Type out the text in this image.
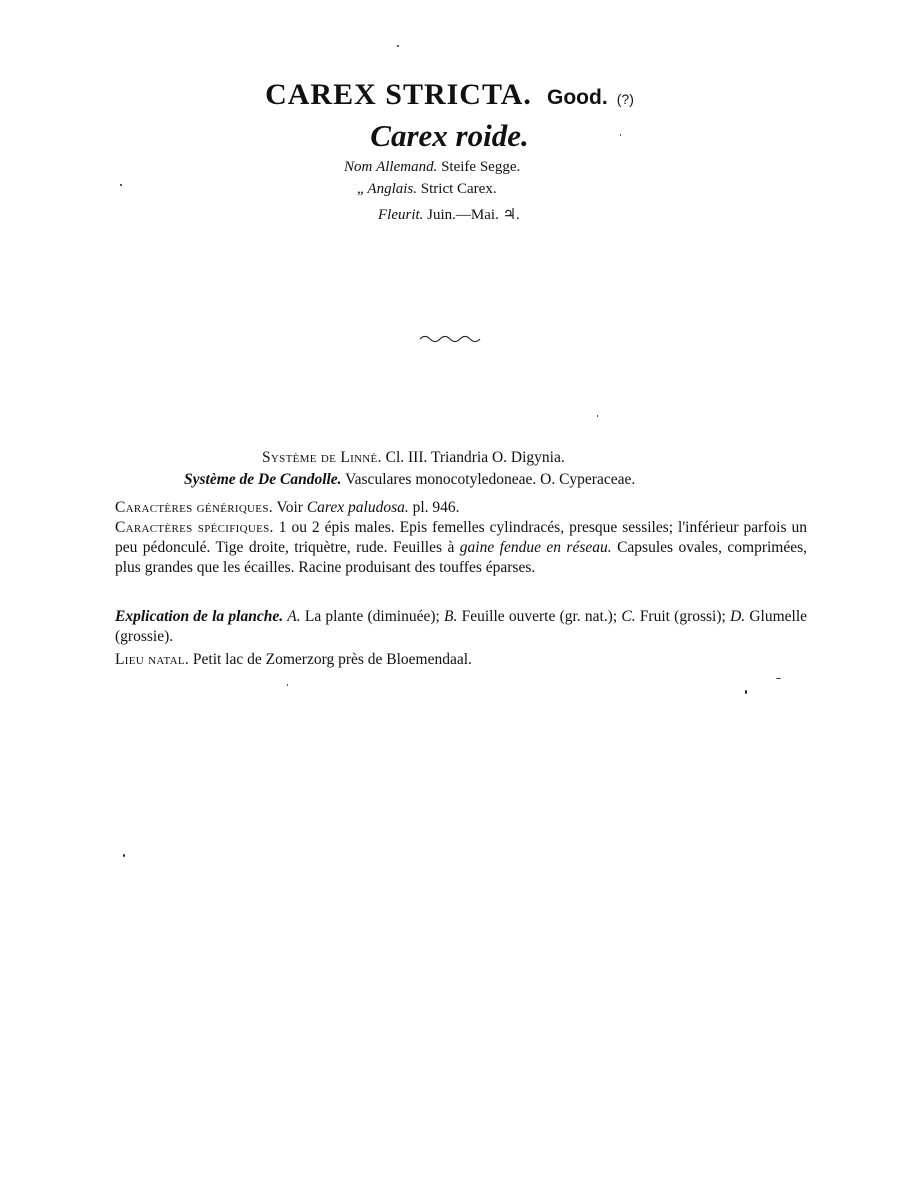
CAREX STRICTA. Good. (?)
Carex roide.
Nom Allemand. Steife Segge.
„ Anglais. Strict Carex.
Fleurit. Juin.—Mai. ♃.
Système de Linné. Cl. III. Triandria O. Digynia.
Système de De Candolle. Vasculares monocotyledoneae. O. Cyperaceae.
Caractères génériques. Voir Carex paludosa. pl. 946.
Caractères spécifiques. 1 ou 2 épis males. Epis femelles cylindracés, presque sessiles; l'inférieur parfois un peu pédonculé. Tige droite, triquètre, rude. Feuilles à gaine fendue en réseau. Capsules ovales, comprimées, plus grandes que les écailles. Racine produisant des touffes éparses.
Explication de la planche. A. La plante (diminuée); B. Feuille ouverte (gr. nat.); C. Fruit (grossi); D. Glumelle (grossie).
Lieu natal. Petit lac de Zomerzorg près de Bloemendaal.
